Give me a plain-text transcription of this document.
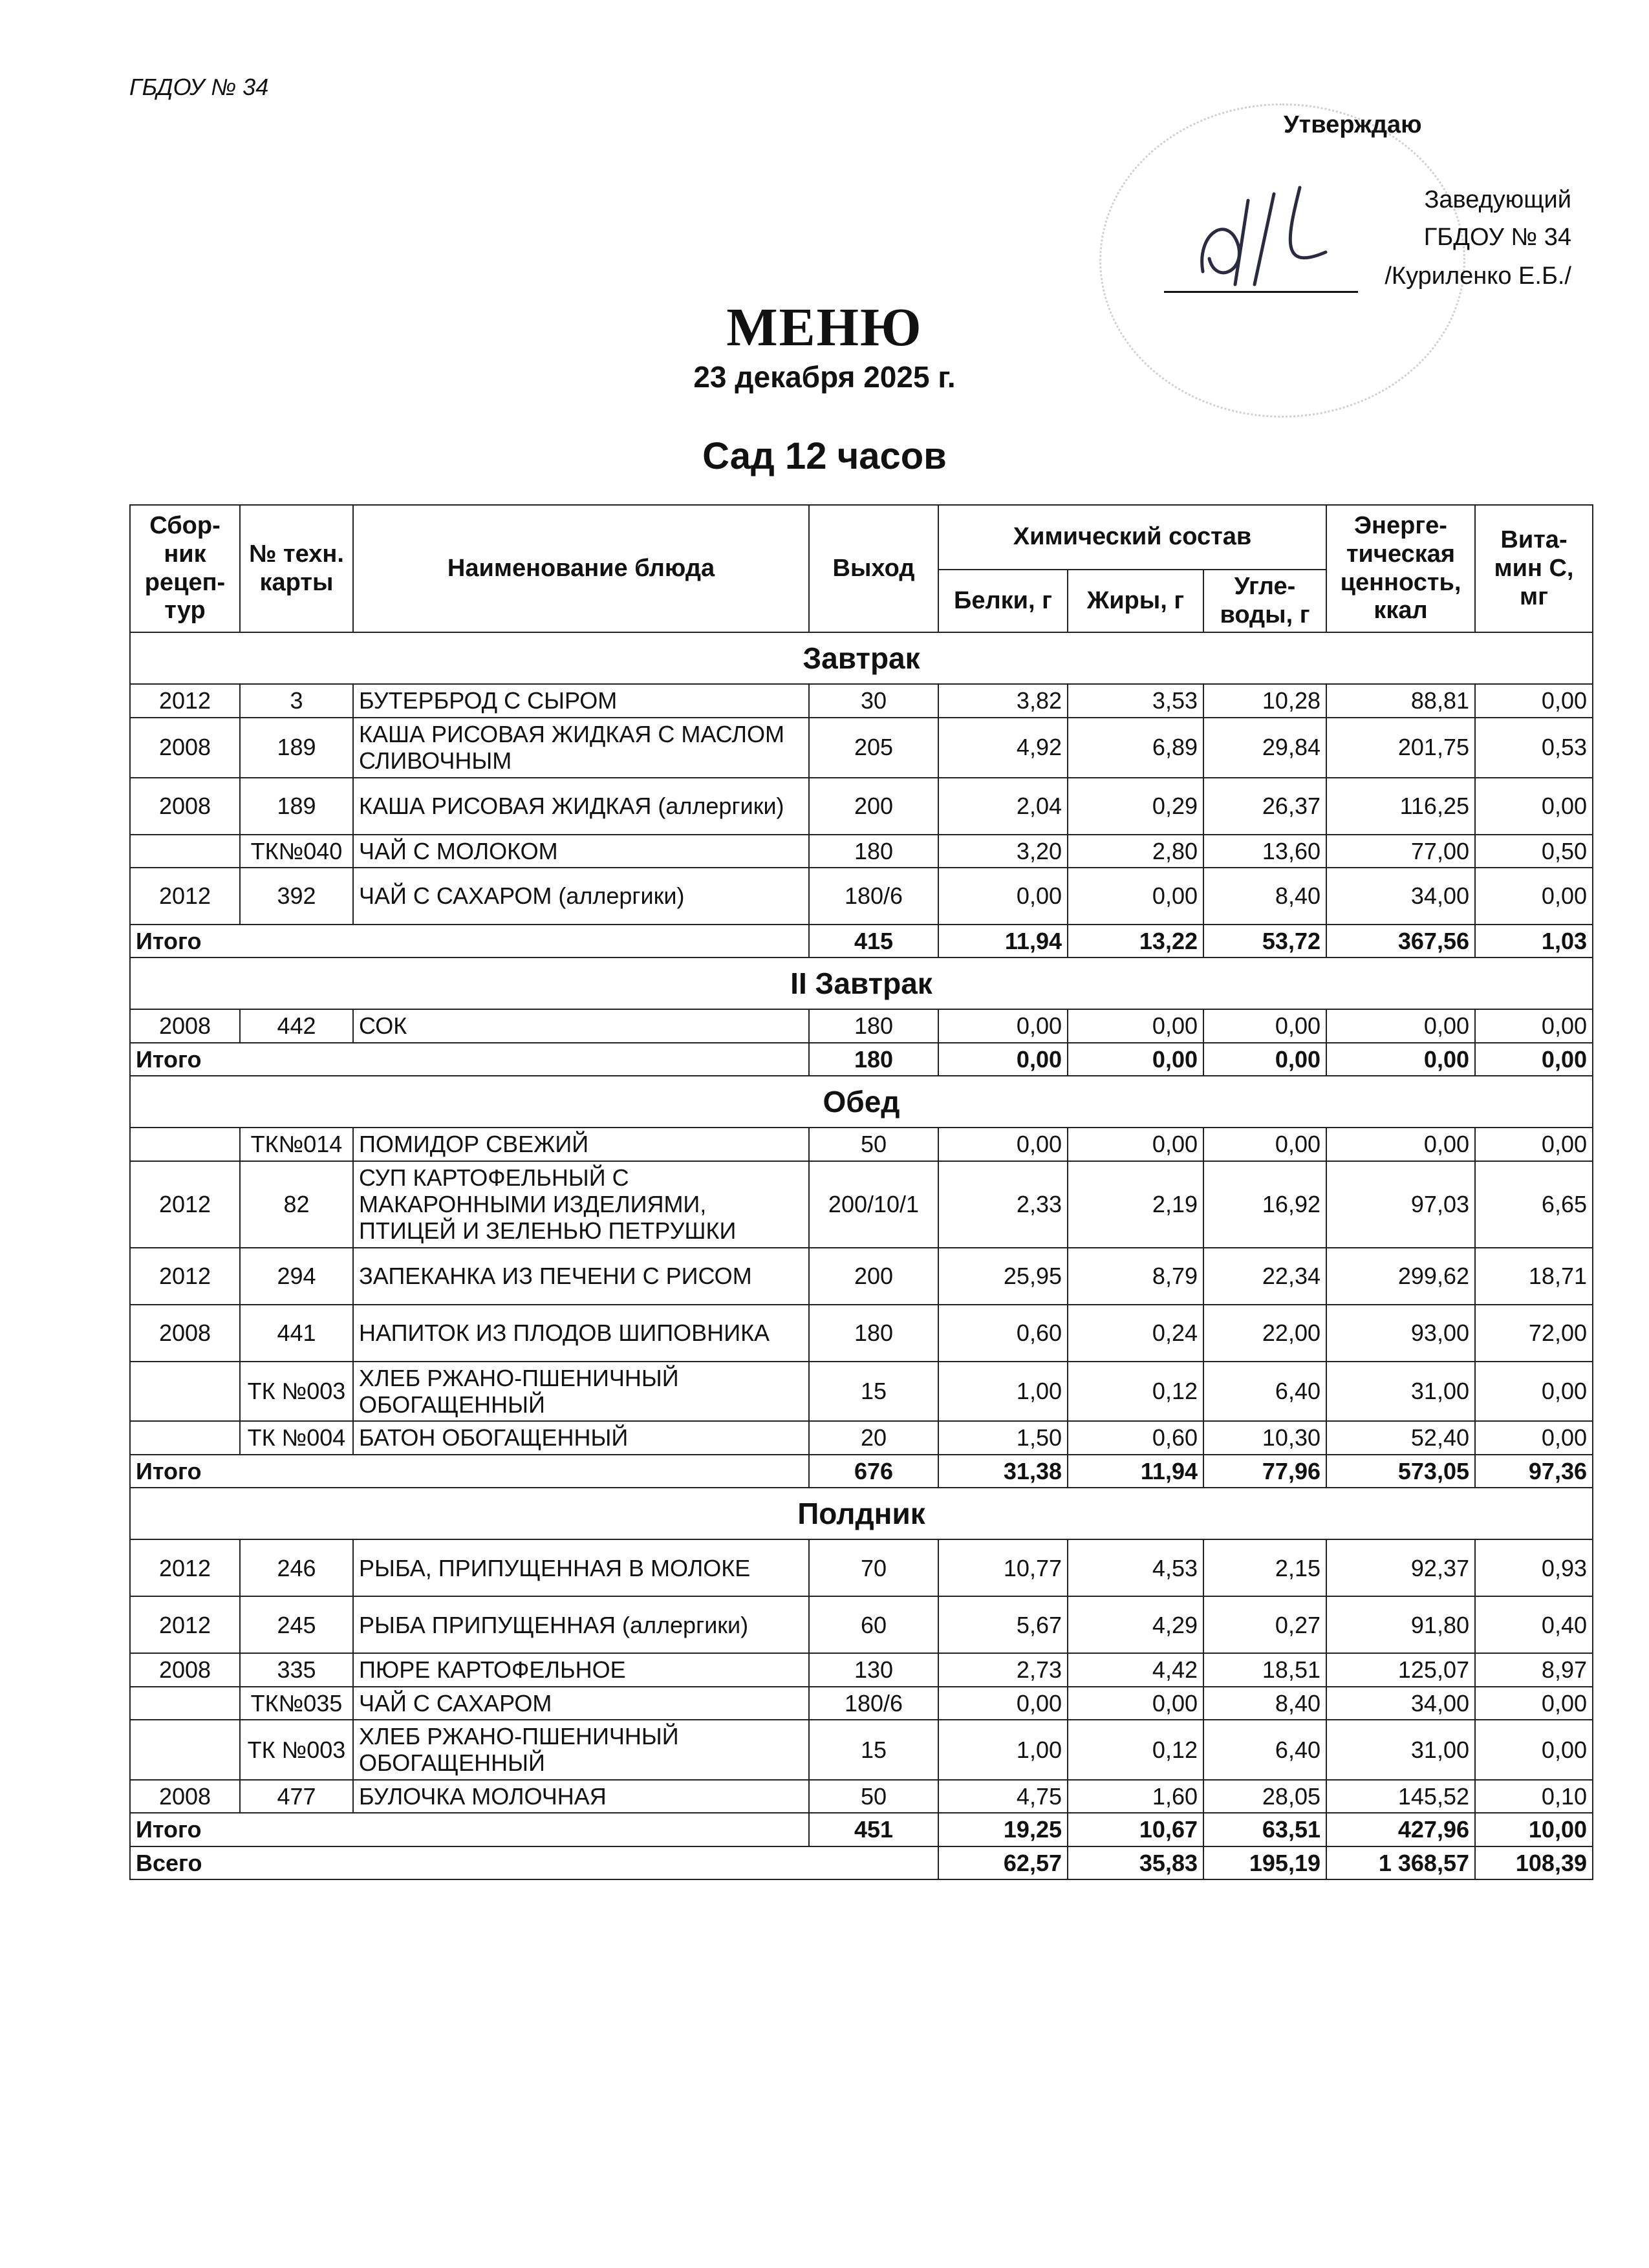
ГБДОУ № 34
Утверждаю
Заведующий
ГБДОУ № 34
/Куриленко Е.Б./
МЕНЮ
23 декабря 2025 г.
Сад 12 часов
Сбор- ник рецеп- тур	№ техн. карты	Наименование блюда	Выход	Химический состав			Энерге- тическая ценность, ккал	Вита- мин С, мг
				Белки, г	Жиры, г	Угле- воды, г		
Завтрак								
2012	3	БУТЕРБРОД С СЫРОМ	30	3,82	3,53	10,28	88,81	0,00
2008	189	КАША РИСОВАЯ ЖИДКАЯ С МАСЛОМ СЛИВОЧНЫМ	205	4,92	6,89	29,84	201,75	0,53
2008	189	КАША РИСОВАЯ ЖИДКАЯ (аллергики)	200	2,04	0,29	26,37	116,25	0,00
	ТК№040	ЧАЙ С МОЛОКОМ	180	3,20	2,80	13,60	77,00	0,50
2012	392	ЧАЙ С САХАРОМ (аллергики)	180/6	0,00	0,00	8,40	34,00	0,00
Итого			415	11,94	13,22	53,72	367,56	1,03
II Завтрак								
2008	442	СОК	180	0,00	0,00	0,00	0,00	0,00
Итого			180	0,00	0,00	0,00	0,00	0,00
Обед								
	ТК№014	ПОМИДОР СВЕЖИЙ	50	0,00	0,00	0,00	0,00	0,00
2012	82	СУП КАРТОФЕЛЬНЫЙ С МАКАРОННЫМИ ИЗДЕЛИЯМИ, ПТИЦЕЙ И ЗЕЛЕНЬЮ ПЕТРУШКИ	200/10/1	2,33	2,19	16,92	97,03	6,65
2012	294	ЗАПЕКАНКА ИЗ ПЕЧЕНИ С РИСОМ	200	25,95	8,79	22,34	299,62	18,71
2008	441	НАПИТОК ИЗ ПЛОДОВ ШИПОВНИКА	180	0,60	0,24	22,00	93,00	72,00
	ТК №003	ХЛЕБ РЖАНО-ПШЕНИЧНЫЙ ОБОГАЩЕННЫЙ	15	1,00	0,12	6,40	31,00	0,00
	ТК №004	БАТОН ОБОГАЩЕННЫЙ	20	1,50	0,60	10,30	52,40	0,00
Итого			676	31,38	11,94	77,96	573,05	97,36
Полдник								
2012	246	РЫБА, ПРИПУЩЕННАЯ В МОЛОКЕ	70	10,77	4,53	2,15	92,37	0,93
2012	245	РЫБА ПРИПУЩЕННАЯ (аллергики)	60	5,67	4,29	0,27	91,80	0,40
2008	335	ПЮРЕ КАРТОФЕЛЬНОЕ	130	2,73	4,42	18,51	125,07	8,97
	ТК№035	ЧАЙ С САХАРОМ	180/6	0,00	0,00	8,40	34,00	0,00
	ТК №003	ХЛЕБ РЖАНО-ПШЕНИЧНЫЙ ОБОГАЩЕННЫЙ	15	1,00	0,12	6,40	31,00	0,00
2008	477	БУЛОЧКА МОЛОЧНАЯ	50	4,75	1,60	28,05	145,52	0,10
Итого			451	19,25	10,67	63,51	427,96	10,00
Всего				62,57	35,83	195,19	1 368,57	108,39
